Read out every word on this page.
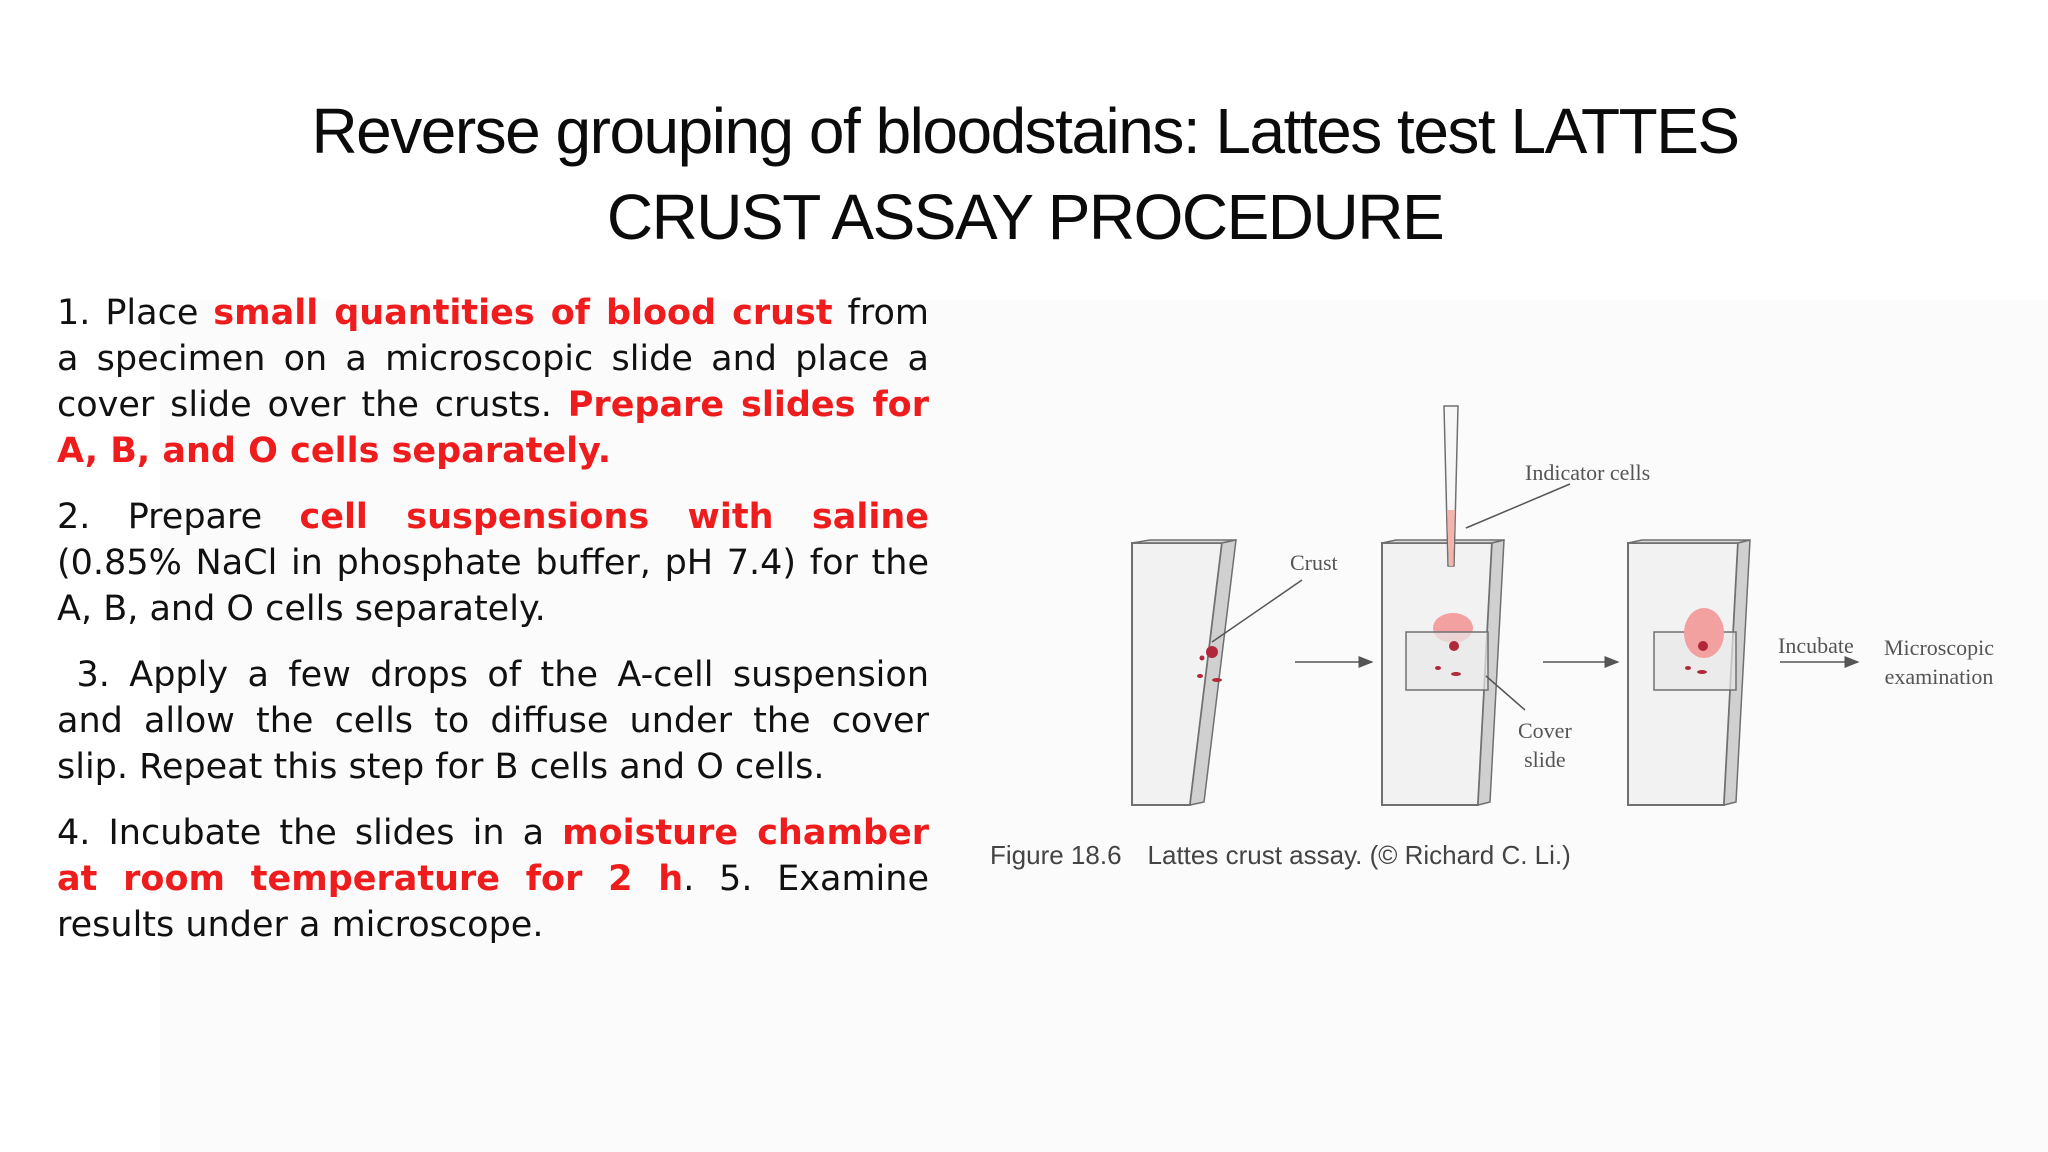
Reverse grouping of bloodstains: Lattes test LATTES
CRUST ASSAY PROCEDURE

1. Place small quantities of blood crust from a specimen on a microscopic slide and place a cover slide over the crusts. Prepare slides for A, B, and O cells separately.

2. Prepare cell suspensions with saline (0.85% NaCl in phosphate buffer, pH 7.4) for the A, B, and O cells separately.

3. Apply a few drops of the A-cell suspension and allow the cells to diffuse under the cover slip. Repeat this step for B cells and O cells.

4. Incubate the slides in a moisture chamber at room temperature for 2 h. 5. Examine results under a microscope.

Crust
Indicator cells
Cover
slide
Incubate Microscopic
examination
Figure 18.6 Lattes crust assay. (© Richard C. Li.)
